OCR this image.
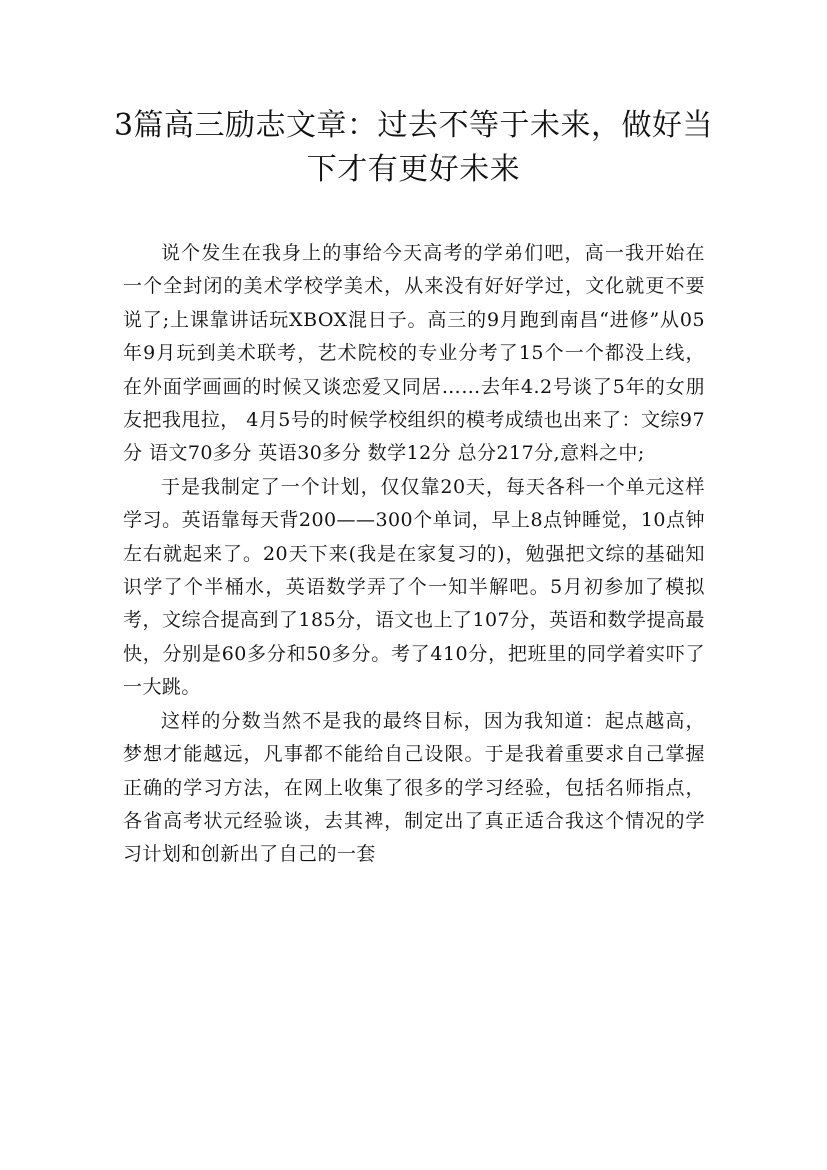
3篇高三励志文章：过去不等于未来，做好当下才有更好未来

说个发生在我身上的事给今天高考的学弟们吧，高一我开始在一个全封闭的美术学校学美术，从来没有好好学过，文化就更不要说了;上课靠讲话玩XBOX混日子。高三的9月跑到南昌“进修”从05年9月玩到美术联考，艺术院校的专业分考了15个一个都没上线， 在外面学画画的时候又谈恋爱又同居……去年4.2号谈了5年的女朋友把我甩拉， 4月5号的时候学校组织的模考成绩也出来了：文综97分 语文70多分 英语30多分 数学12分 总分217分,意料之中;

于是我制定了一个计划，仅仅靠20天，每天各科一个单元这样学习。英语靠每天背200——300个单词，早上8点钟睡觉，10点钟左右就起来了。20天下来(我是在家复习的)，勉强把文综的基础知识学了个半桶水，英语数学弄了个一知半解吧。5月初参加了模拟考，文综合提高到了185分，语文也上了107分，英语和数学提高最快，分别是60多分和50多分。考了410分，把班里的同学着实吓了一大跳。

这样的分数当然不是我的最终目标，因为我知道：起点越高，梦想才能越远，凡事都不能给自己设限。于是我着重要求自己掌握正确的学习方法，在网上收集了很多的学习经验，包括名师指点，各省高考状元经验谈，去其裨，制定出了真正适合我这个情况的学习计划和创新出了自己的一套
